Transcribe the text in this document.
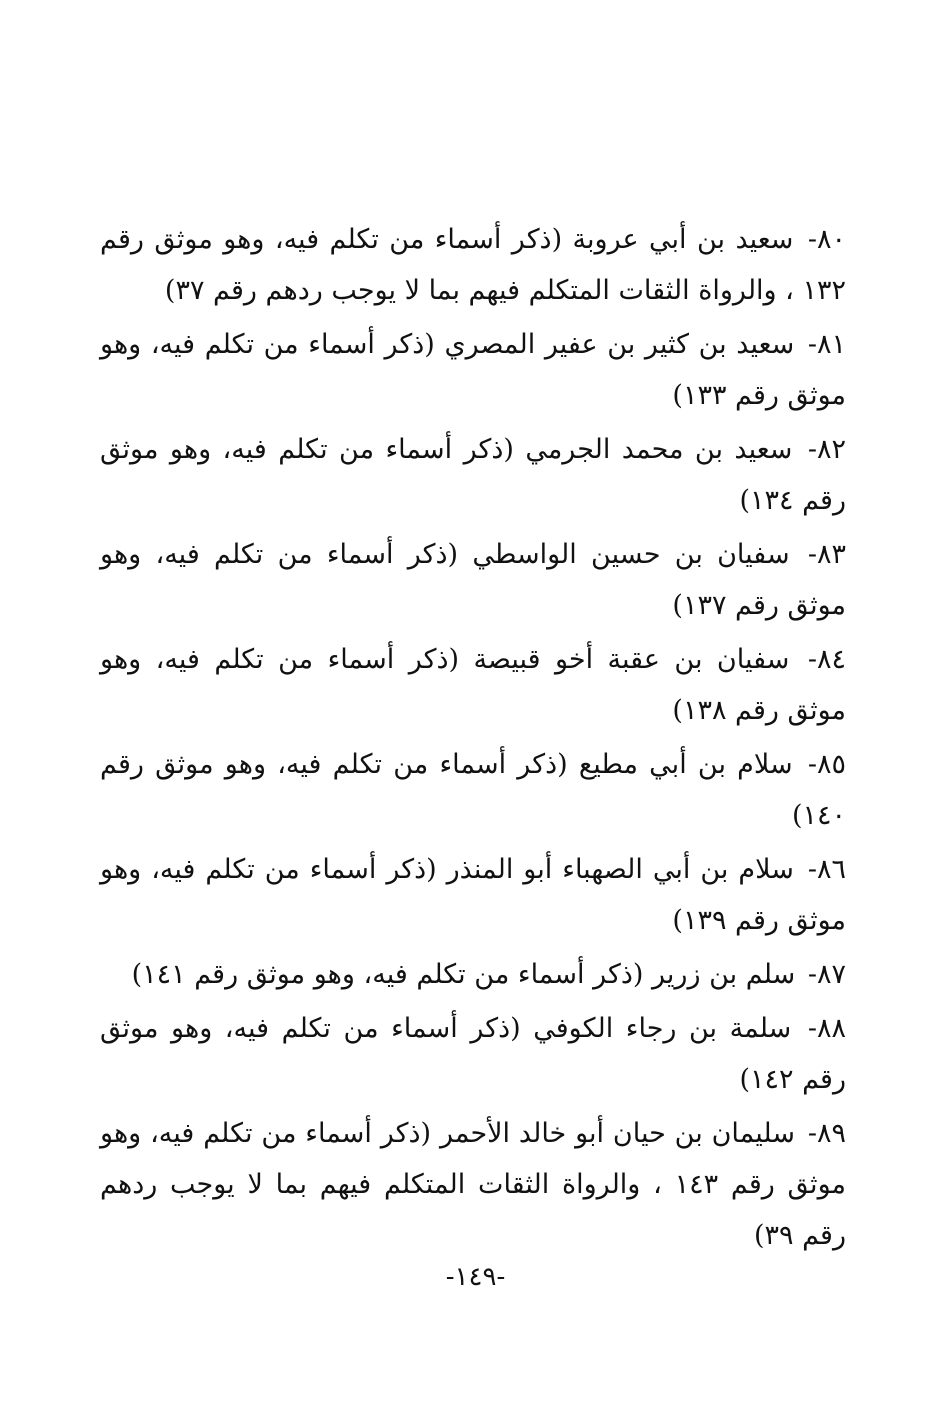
٨٠- سعيد بن أبي عروبة (ذكر أسماء من تكلم فيه، وهو موثق رقم ١٣٢ ، والرواة الثقات المتكلم فيهم بما لا يوجب ردهم رقم ٣٧)
٨١- سعيد بن كثير بن عفير المصري (ذكر أسماء من تكلم فيه، وهو موثق رقم ١٣٣)
٨٢- سعيد بن محمد الجرمي (ذكر أسماء من تكلم فيه، وهو موثق رقم ١٣٤)
٨٣- سفيان بن حسين الواسطي (ذكر أسماء من تكلم فيه، وهو موثق رقم ١٣٧)
٨٤- سفيان بن عقبة أخو قبيصة (ذكر أسماء من تكلم فيه، وهو موثق رقم ١٣٨)
٨٥- سلام بن أبي مطيع (ذكر أسماء من تكلم فيه، وهو موثق رقم ١٤٠)
٨٦- سلام بن أبي الصهباء أبو المنذر (ذكر أسماء من تكلم فيه، وهو موثق رقم ١٣٩)
٨٧- سلم بن زرير (ذكر أسماء من تكلم فيه، وهو موثق رقم ١٤١)
٨٨- سلمة بن رجاء الكوفي (ذكر أسماء من تكلم فيه، وهو موثق رقم ١٤٢)
٨٩- سليمان بن حيان أبو خالد الأحمر (ذكر أسماء من تكلم فيه، وهو موثق رقم ١٤٣ ، والرواة الثقات المتكلم فيهم بما لا يوجب ردهم رقم ٣٩)
-١٤٩-
